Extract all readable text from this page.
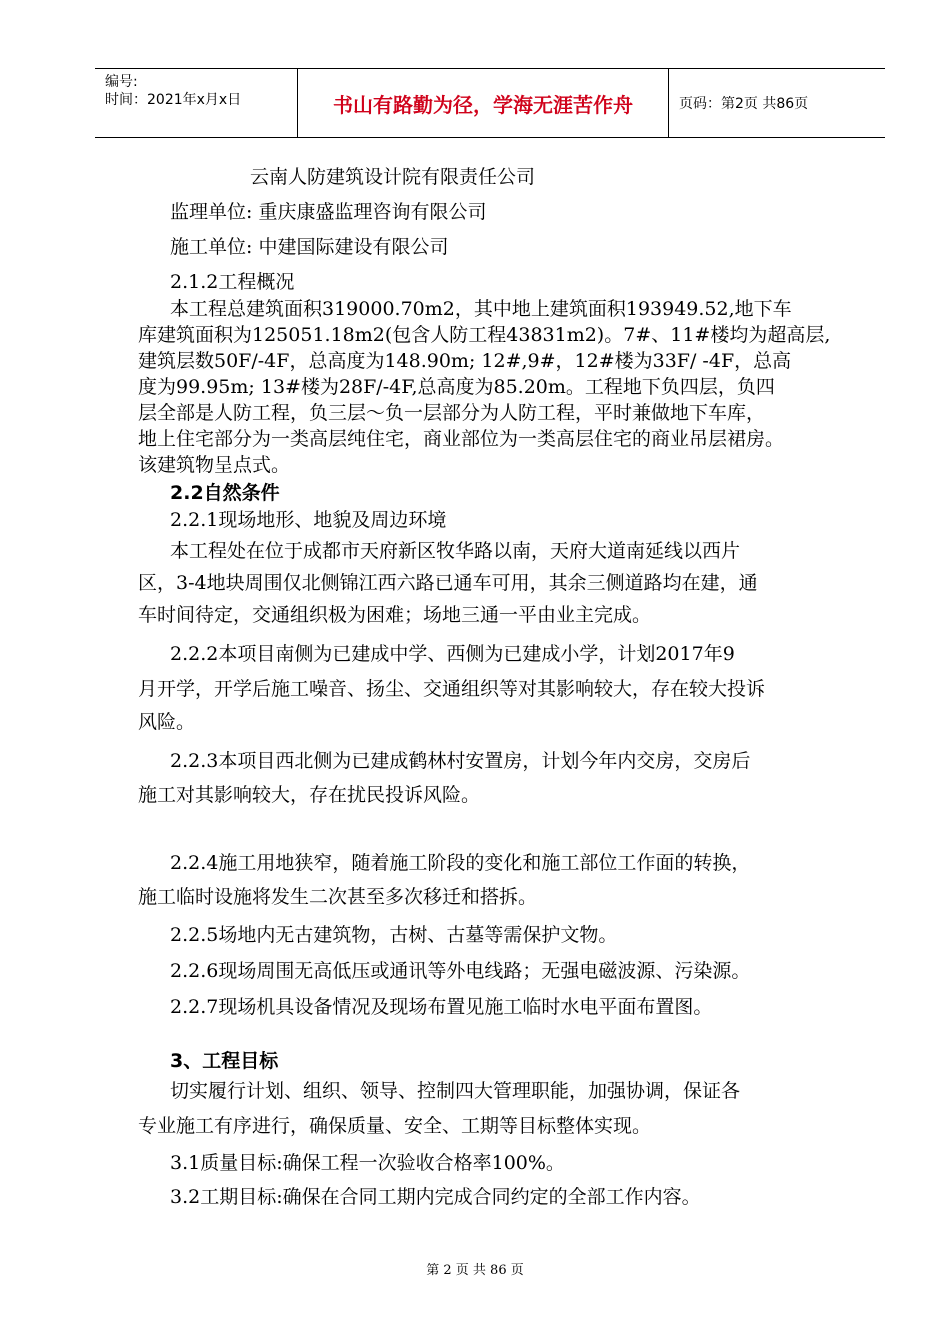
编号:
时间：2021年x月x日	书山有路勤为径，学海无涯苦作舟	页码：第2页 共86页
云南人防建筑设计院有限责任公司
监理单位: 重庆康盛监理咨询有限公司
施工单位: 中建国际建设有限公司
2.1.2工程概况
本工程总建筑面积319000.70m2，其中地上建筑面积193949.52,地下车
库建筑面积为125051.18m2(包含人防工程43831m2)。7#、11#楼均为超高层,
建筑层数50F/-4F，总高度为148.90m; 12#,9#，12#楼为33F/ -4F，总高
度为99.95m; 13#楼为28F/-4F,总高度为85.20m。工程地下负四层，负四
层全部是人防工程，负三层～负一层部分为人防工程，平时兼做地下车库，
地上住宅部分为一类高层纯住宅，商业部位为一类高层住宅的商业吊层裙房。
该建筑物呈点式。
2.2自然条件
2.2.1现场地形、地貌及周边环境
本工程处在位于成都市天府新区牧华路以南，天府大道南延线以西片
区，3-4地块周围仅北侧锦江西六路已通车可用，其余三侧道路均在建，通
车时间待定，交通组织极为困难；场地三通一平由业主完成。
2.2.2本项目南侧为已建成中学、西侧为已建成小学，计划2017年9
月开学，开学后施工噪音、扬尘、交通组织等对其影响较大，存在较大投诉
风险。
2.2.3本项目西北侧为已建成鹤林村安置房，计划今年内交房，交房后
施工对其影响较大，存在扰民投诉风险。
2.2.4施工用地狭窄，随着施工阶段的变化和施工部位工作面的转换，
施工临时设施将发生二次甚至多次移迁和搭拆。
2.2.5场地内无古建筑物，古树、古墓等需保护文物。
2.2.6现场周围无高低压或通讯等外电线路；无强电磁波源、污染源。
2.2.7现场机具设备情况及现场布置见施工临时水电平面布置图。
3、工程目标
切实履行计划、组织、领导、控制四大管理职能，加强协调，保证各
专业施工有序进行，确保质量、安全、工期等目标整体实现。
3.1质量目标:确保工程一次验收合格率100%。
3.2工期目标:确保在合同工期内完成合同约定的全部工作内容。
第 2 页 共 86 页
